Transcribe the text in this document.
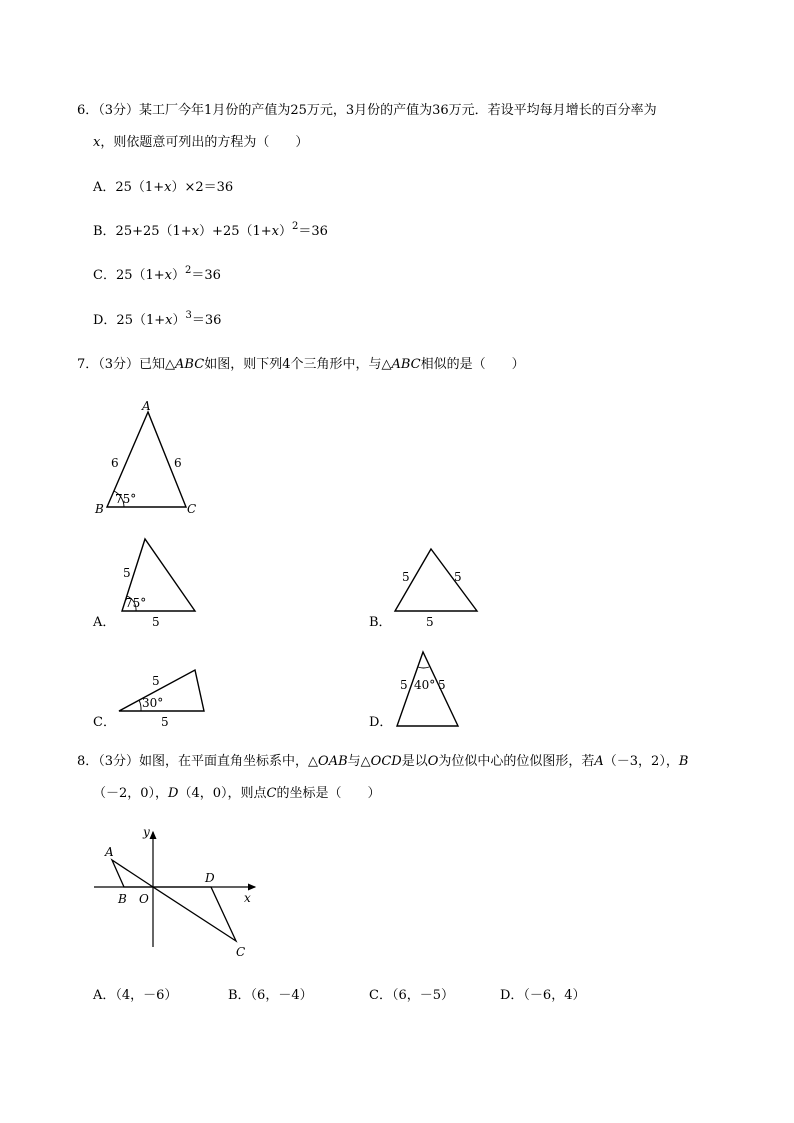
6．（3分）某工厂今年1月份的产值为25万元，3月份的产值为36万元．若设平均每月增长的百分率为
x，则依题意可列出的方程为（　　）
A．25（1+x）×2＝36
B．$25+25(1+x)+25(1+x)^2=36$
C．$25(1+x)^2=36$
D．$25(1+x)^3=36$
7．（3分）已知△ABC如图，则下列4个三角形中，与△ABC相似的是（　　）
A
B	C
6	6
75°
A．
5
5
75°
B．
5	5
5
C．
5
5
30°
D．
5	5
40°
8．（3分）如图，在平面直角坐标系中，△OAB与△OCD是以O为位似中心的位似图形，若A（－3，2），B
（－2，0），D（4，0），则点C的坐标是（　　）
y
x
A
B O
D
C
A．（4，－6）	B．（6，－4）	C．（6，－5）	D．（－6，4）
